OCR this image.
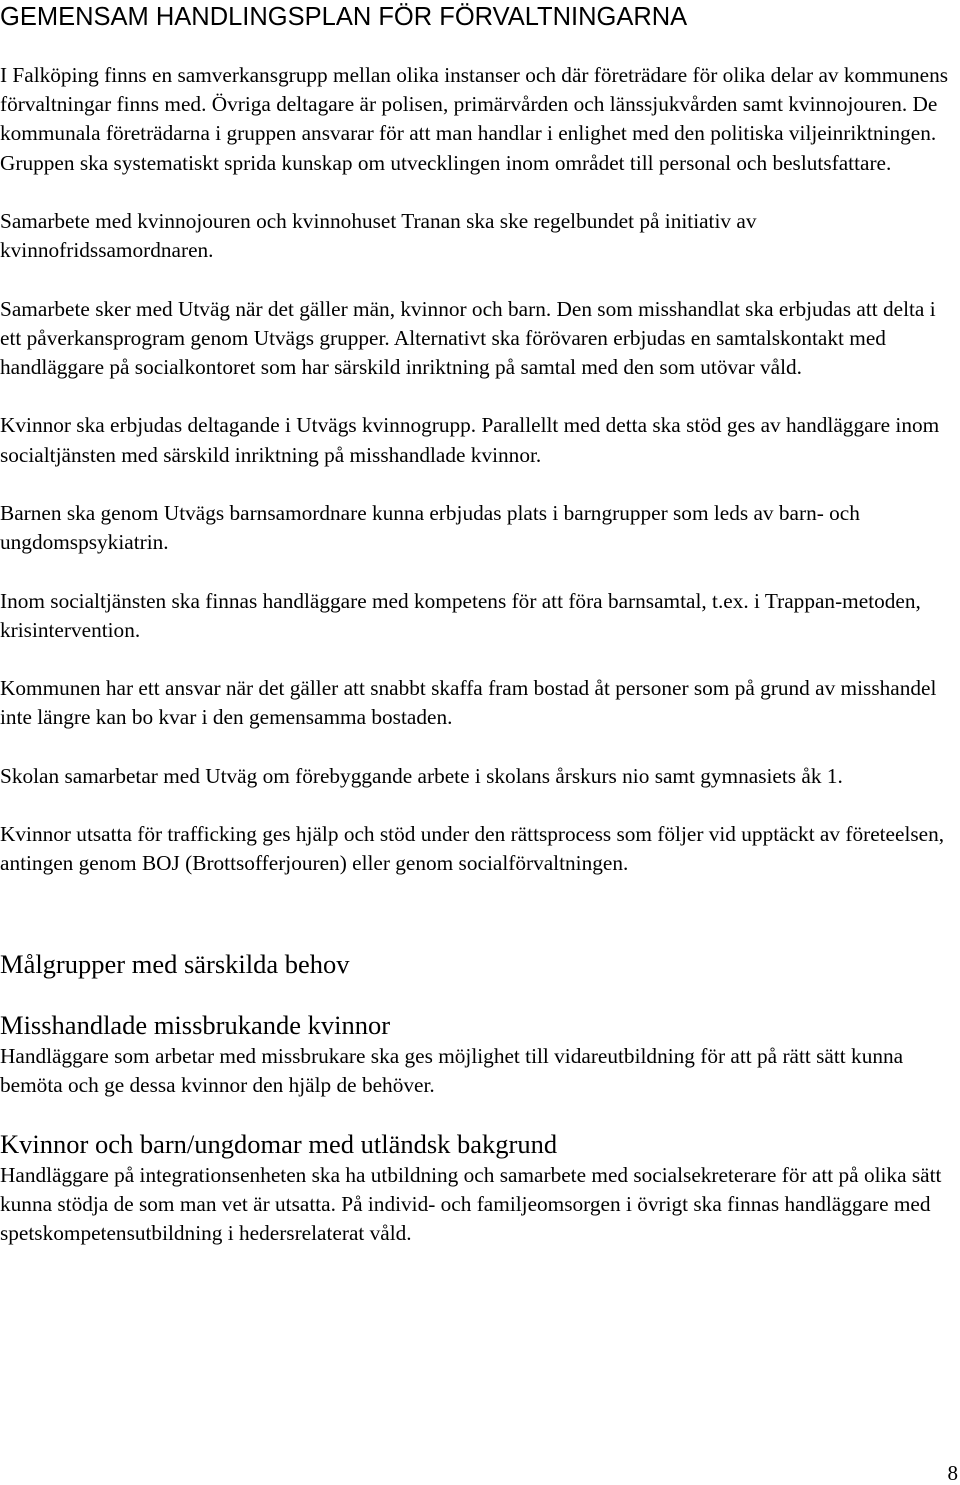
GEMENSAM HANDLINGSPLAN FÖR FÖRVALTNINGARNA

I Falköping finns en samverkansgrupp mellan olika instanser och där företrädare för olika delar av kommunens förvaltningar finns med. Övriga deltagare är polisen, primärvården och länssjukvården samt kvinnojouren. De kommunala företrädarna i gruppen ansvarar för att man handlar i enlighet med den politiska viljeinriktningen. Gruppen ska systematiskt sprida kunskap om utvecklingen inom området till personal och beslutsfattare.

Samarbete med kvinnojouren och kvinnohuset Tranan ska ske regelbundet på initiativ av kvinnofridssamordnaren.

Samarbete sker med Utväg när det gäller män, kvinnor och barn. Den som misshandlat ska erbjudas att delta i ett påverkansprogram genom Utvägs grupper. Alternativt ska förövaren erbjudas en samtalskontakt med handläggare på socialkontoret som har särskild inriktning på samtal med den som utövar våld.

Kvinnor ska erbjudas deltagande i Utvägs kvinnogrupp. Parallellt med detta ska stöd ges av handläggare inom socialtjänsten med särskild inriktning på misshandlade kvinnor.

Barnen ska genom Utvägs barnsamordnare kunna erbjudas plats i barngrupper som leds av barn- och ungdomspsykiatrin.

Inom socialtjänsten ska finnas handläggare med kompetens för att föra barnsamtal, t.ex. i Trappan-metoden, krisintervention.

Kommunen har ett ansvar när det gäller att snabbt skaffa fram bostad åt personer som på grund av misshandel inte längre kan bo kvar i den gemensamma bostaden.

Skolan samarbetar med Utväg om förebyggande arbete i skolans årskurs nio samt gymnasiets åk 1.

Kvinnor utsatta för trafficking ges hjälp och stöd under den rättsprocess som följer vid upptäckt av företeelsen, antingen genom BOJ (Brottsofferjouren) eller genom socialförvaltningen.

Målgrupper med särskilda behov
Misshandlade missbrukande kvinnor

Handläggare som arbetar med missbrukare ska ges möjlighet till vidareutbildning för att på rätt sätt kunna bemöta och ge dessa kvinnor den hjälp de behöver.

Kvinnor och barn/ungdomar med utländsk bakgrund

Handläggare på integrationsenheten ska ha utbildning och samarbete med socialsekreterare för att på olika sätt kunna stödja de som man vet är utsatta. På individ- och familjeomsorgen i övrigt ska finnas handläggare med spetskompetensutbildning i hedersrelaterat våld.

8
